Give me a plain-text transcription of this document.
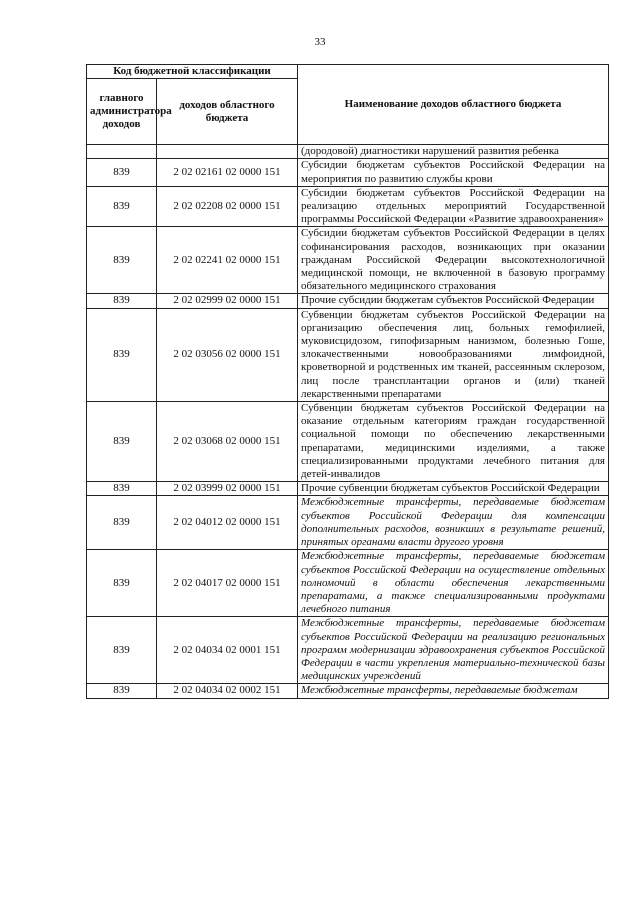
33
Код бюджетной классификации		Наименование доходов областного бюджета
главного администратора доходов	доходов областного бюджета	
		(дородовой) диагностики нарушений развития ребенка
839	2 02 02161 02 0000 151	Субсидии бюджетам субъектов Российской Федерации на мероприятия по развитию службы крови
839	2 02 02208 02 0000 151	Субсидии бюджетам субъектов Российской Федерации на реализацию отдельных мероприятий Государственной программы Российской Федерации «Развитие здравоохранения»
839	2 02 02241 02 0000 151	Субсидии бюджетам субъектов Российской Федерации в целях софинансирования расходов, возникающих при оказании гражданам Российской Федерации высокотехнологичной медицинской помощи, не включенной в базовую программу обязательного медицинского страхования
839	2 02 02999 02 0000 151	Прочие субсидии бюджетам субъектов Российской Федерации
839	2 02 03056 02 0000 151	Субвенции бюджетам субъектов Российской Федерации на организацию обеспечения лиц, больных гемофилией, муковисцидозом, гипофизарным нанизмом, болезнью Гоше, злокачественными новообразованиями лимфоидной, кроветворной и родственных им тканей, рассеянным склерозом, лиц после трансплантации органов и (или) тканей лекарственными препаратами
839	2 02 03068 02 0000 151	Субвенции бюджетам субъектов Российской Федерации на оказание отдельным категориям граждан государственной социальной помощи по обеспечению лекарственными препаратами, медицинскими изделиями, а также специализированными продуктами лечебного питания для детей-инвалидов
839	2 02 03999 02 0000 151	Прочие субвенции бюджетам субъектов Российской Федерации
839	2 02 04012 02 0000 151	Межбюджетные трансферты, передаваемые бюджетам субъектов Российской Федерации для компенсации дополнительных расходов, возникших в результате решений, принятых органами власти другого уровня
839	2 02 04017 02 0000 151	Межбюджетные трансферты, передаваемые бюджетам субъектов Российской Федерации на осуществление отдельных полномочий в области обеспечения лекарственными препаратами, а также специализированными продуктами лечебного питания
839	2 02 04034 02 0001 151	Межбюджетные трансферты, передаваемые бюджетам субъектов Российской Федерации на реализацию региональных программ модернизации здравоохранения субъектов Российской Федерации в части укрепления материально-технической базы медицинских учреждений
839	2 02 04034 02 0002 151	Межбюджетные трансферты, передаваемые бюджетам
